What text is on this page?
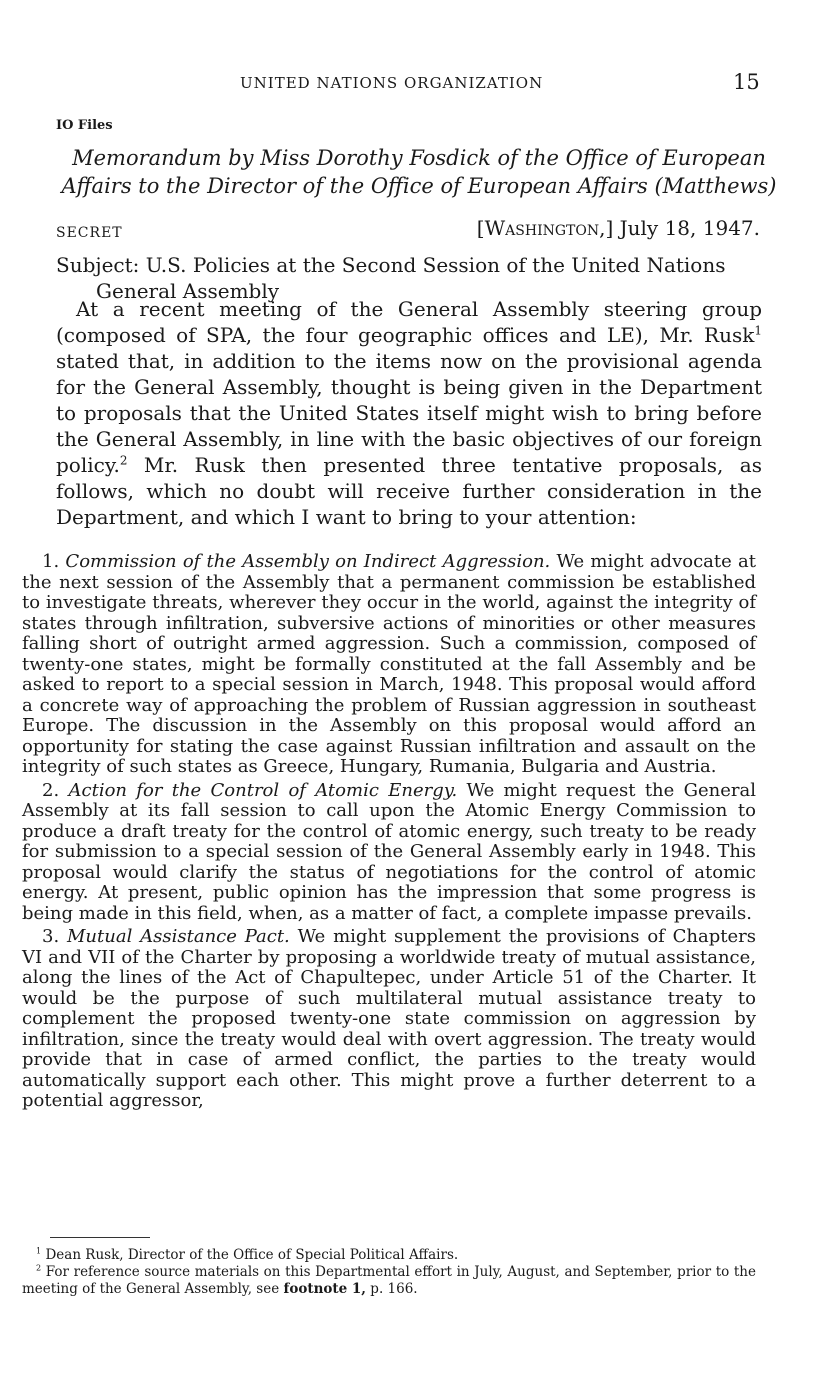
UNITED NATIONS ORGANIZATION	15
IO Files
Memorandum by Miss Dorothy Fosdick of the Office of European Affairs to the Director of the Office of European Affairs (Matthews)
SECRET	[Washington,] July 18, 1947.
Subject: U.S. Policies at the Second Session of the United Nations
General Assembly

At a recent meeting of the General Assembly steering group (composed of SPA, the four geographic offices and LE), Mr. Rusk$^1$ stated that, in addition to the items now on the provisional agenda for the General Assembly, thought is being given in the Department to proposals that the United States itself might wish to bring before the General Assembly, in line with the basic objectives of our foreign policy.$^2$ Mr. Rusk then presented three tentative proposals, as follows, which no doubt will receive further consideration in the Department, and which I want to bring to your attention:

1. Commission of the Assembly on Indirect Aggression. We might advocate at the next session of the Assembly that a permanent commission be established to investigate threats, wherever they occur in the world, against the integrity of states through infiltration, subversive actions of minorities or other measures falling short of outright armed aggression. Such a commission, composed of twenty-one states, might be formally constituted at the fall Assembly and be asked to report to a special session in March, 1948. This proposal would afford a concrete way of approaching the problem of Russian aggression in southeast Europe. The discussion in the Assembly on this proposal would afford an opportunity for stating the case against Russian infiltration and assault on the integrity of such states as Greece, Hungary, Rumania, Bulgaria and Austria.

2. Action for the Control of Atomic Energy. We might request the General Assembly at its fall session to call upon the Atomic Energy Commission to produce a draft treaty for the control of atomic energy, such treaty to be ready for submission to a special session of the General Assembly early in 1948. This proposal would clarify the status of negotiations for the control of atomic energy. At present, public opinion has the impression that some progress is being made in this field, when, as a matter of fact, a complete impasse prevails.

3. Mutual Assistance Pact. We might supplement the provisions of Chapters VI and VII of the Charter by proposing a worldwide treaty of mutual assistance, along the lines of the Act of Chapultepec, under Article 51 of the Charter. It would be the purpose of such multilateral mutual assistance treaty to complement the proposed twenty-one state commission on aggression by infiltration, since the treaty would deal with overt aggression. The treaty would provide that in case of armed conflict, the parties to the treaty would automatically support each other. This might prove a further deterrent to a potential aggressor,

$^1$ Dean Rusk, Director of the Office of Special Political Affairs.

$^2$ For reference source materials on this Departmental effort in July, August, and September, prior to the meeting of the General Assembly, see footnote 1, p. 166.
